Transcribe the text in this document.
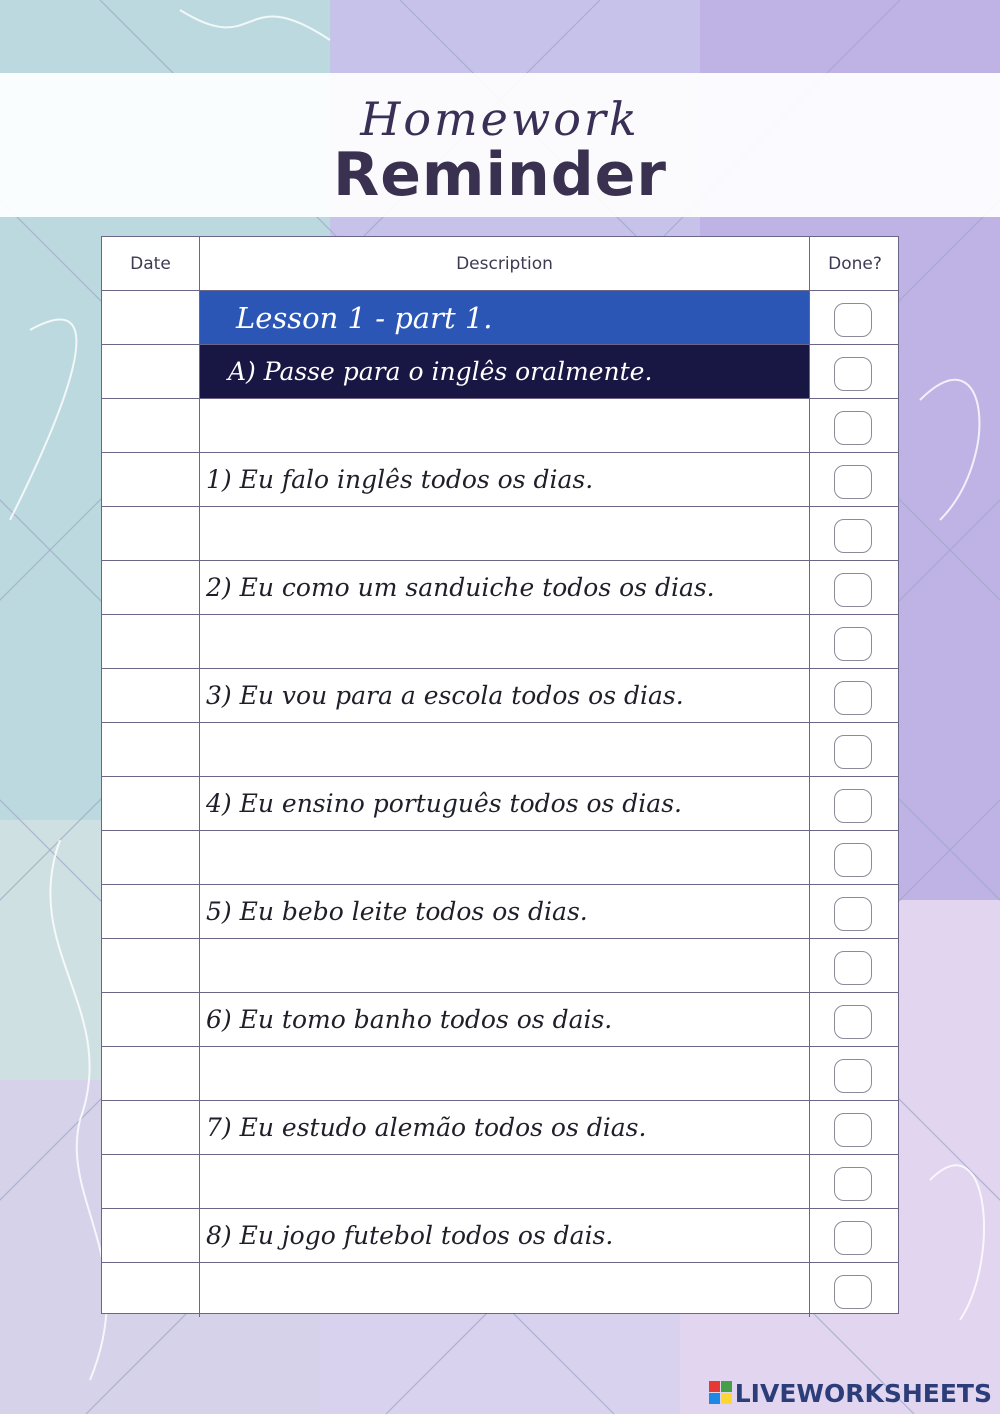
Homework
Reminder
Date	Description	Done?
Lesson 1 - part 1.
A) Passe para o inglês oralmente.
1) Eu falo inglês todos os dias.
2) Eu como um sanduiche todos os dias.
3) Eu vou para a escola todos os dias.
4) Eu ensino português todos os dias.
5) Eu bebo leite todos os dias.
6) Eu tomo banho todos os dais.
7) Eu estudo alemão todos os dias.
8) Eu jogo futebol todos os dais.
LIVEWORKSHEETS
